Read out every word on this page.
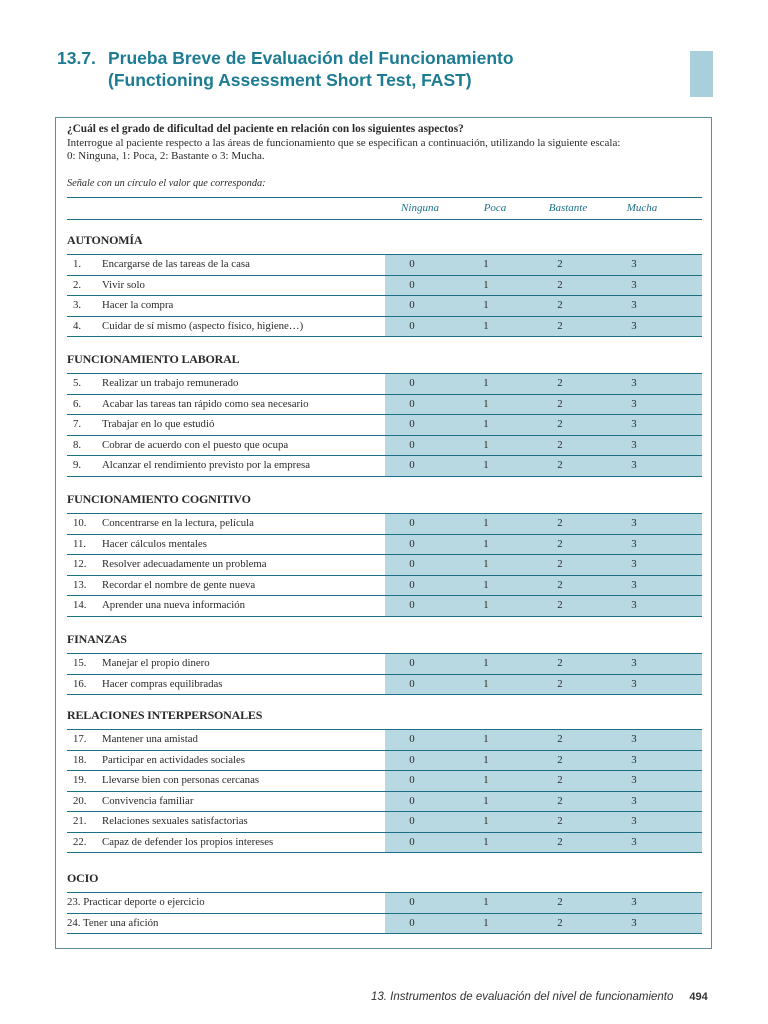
13.7. Prueba Breve de Evaluación del Funcionamiento
(Functioning Assessment Short Test, FAST)
¿Cuál es el grado de dificultad del paciente en relación con los siguientes aspectos?
Interrogue al paciente respecto a las áreas de funcionamiento que se especifican a continuación, utilizando la siguiente escala:
0: Ninguna, 1: Poca, 2: Bastante o 3: Mucha.
Señale con un círculo el valor que corresponda:
Ninguna	Poca	Bastante	Mucha
AUTONOMÍA
1. Encargarse de las tareas de la casa	0	1	2	3
2. Vivir solo	0	1	2	3
3. Hacer la compra	0	1	2	3
4. Cuidar de sí mismo (aspecto físico, higiene…)	0	1	2	3
FUNCIONAMIENTO LABORAL
5. Realizar un trabajo remunerado	0	1	2	3
6. Acabar las tareas tan rápido como sea necesario	0	1	2	3
7. Trabajar en lo que estudió	0	1	2	3
8. Cobrar de acuerdo con el puesto que ocupa	0	1	2	3
9. Alcanzar el rendimiento previsto por la empresa	0	1	2	3
FUNCIONAMIENTO COGNITIVO
10. Concentrarse en la lectura, película	0	1	2	3
11. Hacer cálculos mentales	0	1	2	3
12. Resolver adecuadamente un problema	0	1	2	3
13. Recordar el nombre de gente nueva	0	1	2	3
14. Aprender una nueva información	0	1	2	3
FINANZAS
15. Manejar el propio dinero	0	1	2	3
16. Hacer compras equilibradas	0	1	2	3
RELACIONES INTERPERSONALES
17. Mantener una amistad	0	1	2	3
18. Participar en actividades sociales	0	1	2	3
19. Llevarse bien con personas cercanas	0	1	2	3
20. Convivencia familiar	0	1	2	3
21. Relaciones sexuales satisfactorias	0	1	2	3
22. Capaz de defender los propios intereses	0	1	2	3
OCIO
23. Practicar deporte o ejercicio	0	1	2	3
24. Tener una afición	0	1	2	3
13. Instrumentos de evaluación del nivel de funcionamiento 494
